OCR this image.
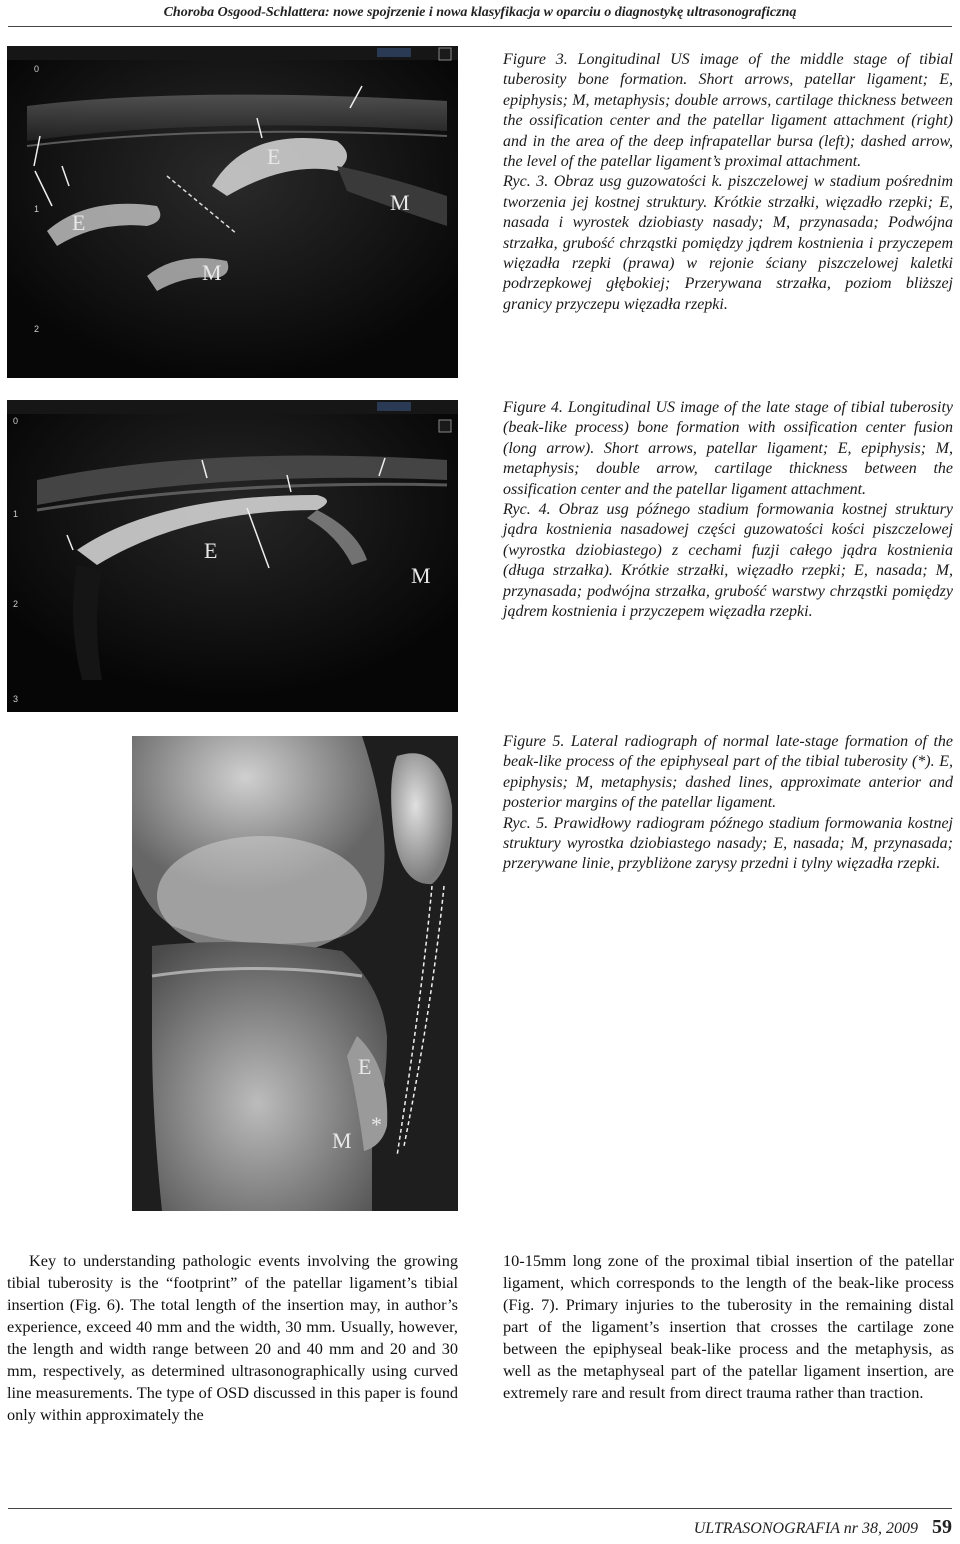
Choroba Osgood-Schlattera: nowe spojrzenie i nowa klasyfikacja w oparciu o diagnostykę ultrasonograficzną
0
1
2
E
E
M
M

Figure 3. Longitudinal US image of the middle stage of tibial tuberosity bone formation. Short arrows, patellar ligament; E, epiphysis; M, metaphysis; double arrows, cartilage thickness between the ossification center and the patellar ligament attachment (right) and in the area of the deep infrapatellar bursa (left); dashed arrow, the level of the patellar ligament’s proximal attachment.

Ryc. 3. Obraz usg guzowatości k. piszczelowej w stadium pośrednim tworzenia jej kostnej struktury. Krótkie strzałki, więzadło rzepki; E, nasada i wyrostek dziobiasty nasady; M, przynasada; Podwójna strzałka, grubość chrząstki pomiędzy jądrem kostnienia i przyczepem więzadła rzepki (prawa) w rejonie ściany piszczelowej kaletki podrzepkowej głębokiej; Przerywana strzałka, poziom bliższej granicy przyczepu więzadła rzepki.

0
1
2
3
E
M

Figure 4. Longitudinal US image of the late stage of tibial tuberosity (beak-like process) bone formation with ossification center fusion (long arrow). Short arrows, patellar ligament; E, epiphysis; M, metaphysis; double arrow, cartilage thickness between the ossification center and the patellar ligament attachment.

Ryc. 4. Obraz usg późnego stadium formowania kostnej struktury jądra kostnienia nasadowej części guzowatości kości piszczelowej (wyrostka dziobiastego) z cechami fuzji całego jądra kostnienia (długa strzałka). Krótkie strzałki, więzadło rzepki; E, nasada; M, przynasada; podwójna strzałka, grubość warstwy chrząstki pomiędzy jądrem kostnienia i przyczepem więzadła rzepki.

E
M
*

Figure 5. Lateral radiograph of normal late-stage formation of the beak-like process of the epiphyseal part of the tibial tuberosity (*). E, epiphysis; M, metaphysis; dashed lines, approximate anterior and posterior margins of the patellar ligament.

Ryc. 5. Prawidłowy radiogram późnego stadium formowania kostnej struktury wyrostka dziobiastego nasady; E, nasada; M, przynasada; przerywane linie, przybliżone zarysy przedni i tylny więzadła rzepki.

Key to understanding pathologic events involving the growing tibial tuberosity is the “footprint” of the patellar ligament’s tibial insertion (Fig. 6). The total length of the insertion may, in author’s experience, exceed 40 mm and the width, 30 mm. Usually, however, the length and width range between 20 and 40 mm and 20 and 30 mm, respectively, as determined ultrasonographically using curved line measurements. The type of OSD discussed in this paper is found only within approximately the

10-15mm long zone of the proximal tibial insertion of the patellar ligament, which corresponds to the length of the beak-like process (Fig. 7). Primary injuries to the tuberosity in the remaining distal part of the ligament’s insertion that crosses the cartilage zone between the epiphyseal beak-like process and the metaphysis, as well as the metaphyseal part of the patellar ligament insertion, are extremely rare and result from direct trauma rather than traction.

ULTRASONOGRAFIA nr 38, 2009 59
